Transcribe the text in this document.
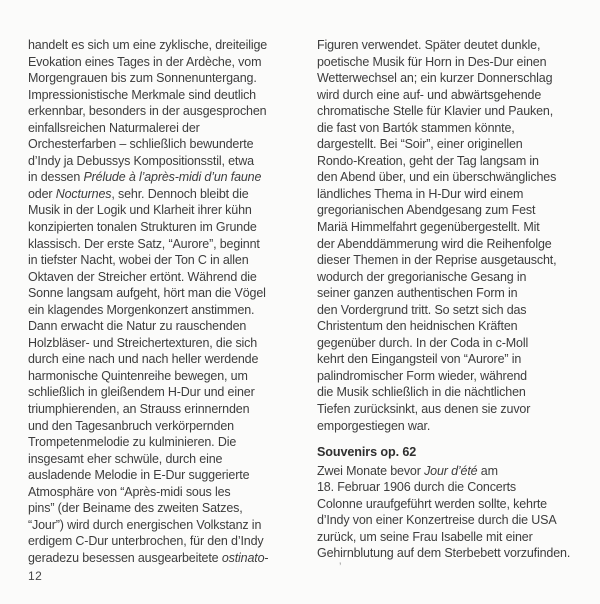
handelt es sich um eine zyklische, dreiteilige
Evokation eines Tages in der Ardèche, vom
Morgengrauen bis zum Sonnenuntergang.
Impressionistische Merkmale sind deutlich
erkennbar, besonders in der ausgesprochen
einfallsreichen Naturmalerei der
Orchesterfarben – schließlich bewunderte
d’Indy ja Debussys Kompositionsstil, etwa
in dessen Prélude à l’après-midi d’un faune
oder Nocturnes, sehr. Dennoch bleibt die
Musik in der Logik und Klarheit ihrer kühn
konzipierten tonalen Strukturen im Grunde
klassisch. Der erste Satz, “Aurore”, beginnt
in tiefster Nacht, wobei der Ton C in allen
Oktaven der Streicher ertönt. Während die
Sonne langsam aufgeht, hört man die Vögel
ein klagendes Morgenkonzert anstimmen.
Dann erwacht die Natur zu rauschenden
Holzbläser- und Streichertexturen, die sich
durch eine nach und nach heller werdende
harmonische Quintenreihe bewegen, um
schließlich in gleißendem H-Dur und einer
triumphierenden, an Strauss erinnernden
und den Tagesanbruch verkörpernden
Trompetenmelodie zu kulminieren. Die
insgesamt eher schwüle, durch eine
ausladende Melodie in E-Dur suggerierte
Atmosphäre von “Après-midi sous les
pins” (der Beiname des zweiten Satzes,
“Jour”) wird durch energischen Volkstanz in
erdigem C-Dur unterbrochen, für den d’Indy
geradezu besessen ausgearbeitete ostinato-
Figuren verwendet. Später deutet dunkle,
poetische Musik für Horn in Des-Dur einen
Wetterwechsel an; ein kurzer Donnerschlag
wird durch eine auf- und abwärtsgehende
chromatische Stelle für Klavier und Pauken,
die fast von Bartók stammen könnte,
dargestellt. Bei “Soir”, einer originellen
Rondo-Kreation, geht der Tag langsam in
den Abend über, und ein überschwängliches
ländliches Thema in H-Dur wird einem
gregorianischen Abendgesang zum Fest
Mariä Himmelfahrt gegenübergestellt. Mit
der Abenddämmerung wird die Reihenfolge
dieser Themen in der Reprise ausgetauscht,
wodurch der gregorianische Gesang in
seiner ganzen authentischen Form in
den Vordergrund tritt. So setzt sich das
Christentum den heidnischen Kräften
gegenüber durch. In der Coda in c-Moll
kehrt den Eingangsteil von “Aurore” in
palindromischer Form wieder, während
die Musik schließlich in die nächtlichen
Tiefen zurücksinkt, aus denen sie zuvor
emporgestiegen war.
Souvenirs op. 62
Zwei Monate bevor Jour d’été am
18. Februar 1906 durch die Concerts
Colonne uraufgeführt werden sollte, kehrte
d’Indy von einer Konzertreise durch die USA
zurück, um seine Frau Isabelle mit einer
Gehirnblutung auf dem Sterbebett vorzufinden.
12
’
